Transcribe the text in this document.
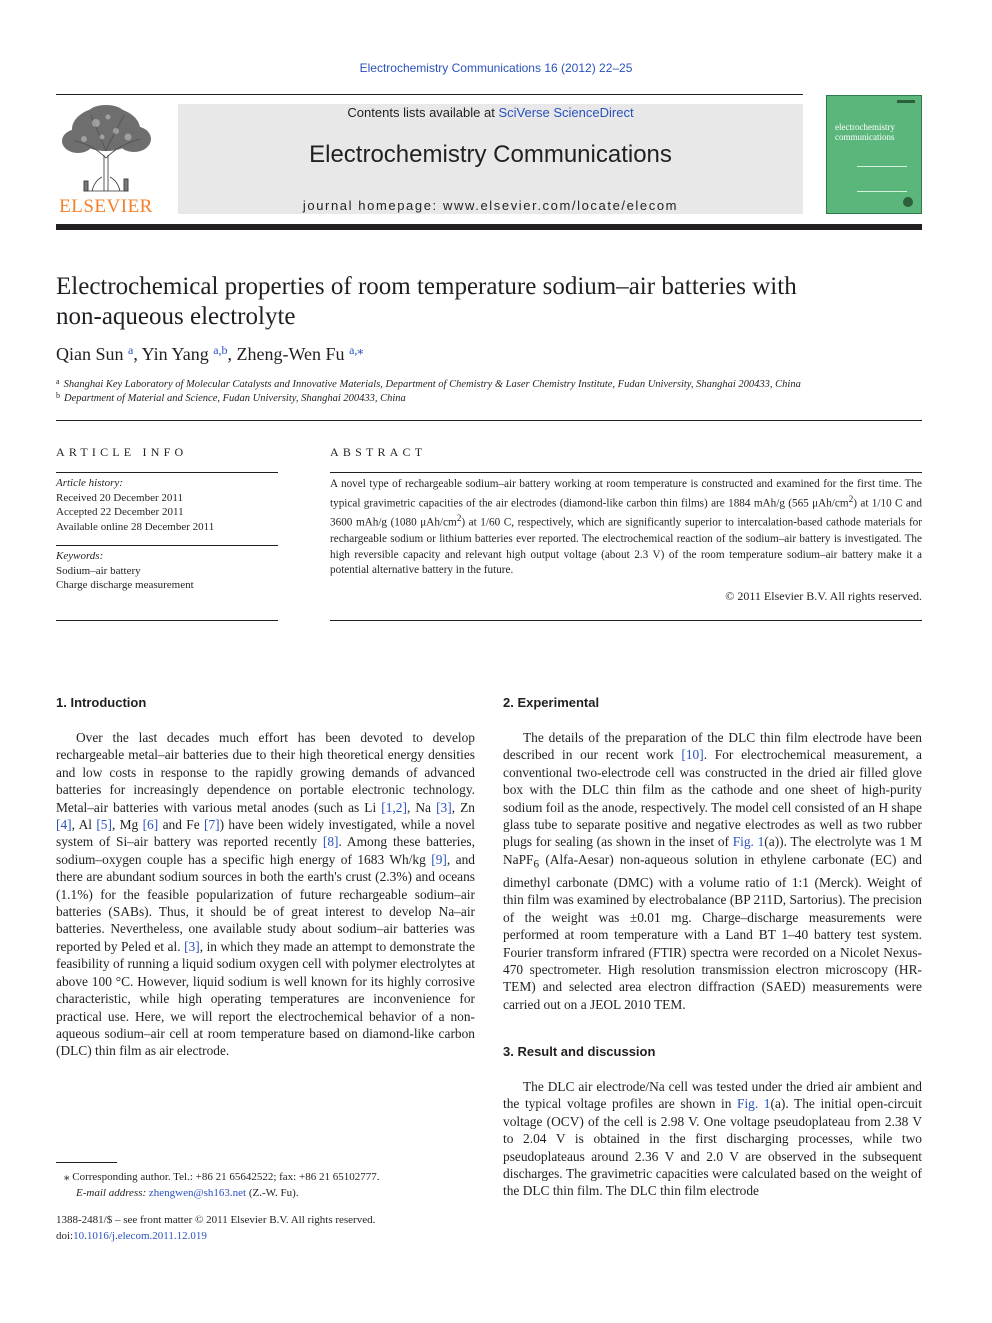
Electrochemistry Communications 16 (2012) 22–25
ELSEVIER
Contents lists available at SciVerse ScienceDirect
Electrochemistry Communications
journal homepage: www.elsevier.com/locate/elecom
electrochemistry communications
Electrochemical properties of room temperature sodium–air batteries with
non-aqueous electrolyte
Qian Sun $^a$, Yin Yang $^{a,b}$, Zheng-Wen Fu $^{a,⁎}$
$^a$ Shanghai Key Laboratory of Molecular Catalysts and Innovative Materials, Department of Chemistry & Laser Chemistry Institute, Fudan University, Shanghai 200433, China
$^b$ Department of Material and Science, Fudan University, Shanghai 200433, China
ARTICLE INFO	ABSTRACT
Article history:
Received 20 December 2011
Accepted 22 December 2011
Available online 28 December 2011
Keywords:
Sodium–air battery
Charge discharge measurement
A novel type of rechargeable sodium–air battery working at room temperature is constructed and examined for the first time. The typical gravimetric capacities of the air electrodes (diamond-like carbon thin films) are 1884 mAh/g (565 μAh/$cm^2$) at 1/10 C and 3600 mAh/g (1080 μAh/$cm^2$) at 1/60 C, respectively, which are significantly superior to intercalation-based cathode materials for rechargeable sodium or lithium batteries ever reported. The electrochemical reaction of the sodium–air battery is investigated. The high reversible capacity and relevant high output voltage (about 2.3 V) of the room temperature sodium–air battery make it a potential alternative battery in the future.
© 2011 Elsevier B.V. All rights reserved.
1. Introduction

Over the last decades much effort has been devoted to develop rechargeable metal–air batteries due to their high theoretical energy densities and low costs in response to the rapidly growing demands of advanced batteries for increasingly dependence on portable electronic technology. Metal–air batteries with various metal anodes (such as Li [1,2], Na [3], Zn [4], Al [5], Mg [6] and Fe [7]) have been widely investigated, while a novel system of Si–air battery was reported recently [8]. Among these batteries, sodium–oxygen couple has a specific high energy of 1683 Wh/kg [9], and there are abundant sodium sources in both the earth's crust (2.3%) and oceans (1.1%) for the feasible popularization of future rechargeable sodium–air batteries (SABs). Thus, it should be of great interest to develop Na–air batteries. Nevertheless, one available study about sodium–air batteries was reported by Peled et al. [3], in which they made an attempt to demonstrate the feasibility of running a liquid sodium oxygen cell with polymer electrolytes at above 100 °C. However, liquid sodium is well known for its highly corrosive characteristic, while high operating temperatures are inconvenience for practical use. Here, we will report the electrochemical behavior of a non-aqueous sodium–air cell at room temperature based on diamond-like carbon (DLC) thin film as air electrode.

2. Experimental

The details of the preparation of the DLC thin film electrode have been described in our recent work [10]. For electrochemical measurement, a conventional two-electrode cell was constructed in the dried air filled glove box with the DLC thin film as the cathode and one sheet of high-purity sodium foil as the anode, respectively. The model cell consisted of an H shape glass tube to separate positive and negative electrodes as well as two rubber plugs for sealing (as shown in the inset of Fig. 1(a)). The electrolyte was 1 M NaPF$_6$ (Alfa-Aesar) non-aqueous solution in ethylene carbonate (EC) and dimethyl carbonate (DMC) with a volume ratio of 1:1 (Merck). Weight of thin film was examined by electrobalance (BP 211D, Sartorius). The precision of the weight was ±0.01 mg. Charge–discharge measurements were performed at room temperature with a Land BT 1–40 battery test system. Fourier transform infrared (FTIR) spectra were recorded on a Nicolet Nexus-470 spectrometer. High resolution transmission electron microscopy (HR-TEM) and selected area electron diffraction (SAED) measurements were carried out on a JEOL 2010 TEM.

3. Result and discussion

The DLC air electrode/Na cell was tested under the dried air ambient and the typical voltage profiles are shown in Fig. 1(a). The initial open-circuit voltage (OCV) of the cell is 2.98 V. One voltage pseudoplateau from 2.38 V to 2.04 V is obtained in the first discharging processes, while two pseudoplateaus around 2.36 V and 2.0 V are observed in the subsequent discharges. The gravimetric capacities were calculated based on the weight of the DLC thin film. The DLC thin film electrode

⁎ Corresponding author. Tel.: +86 21 65642522; fax: +86 21 65102777.
E-mail address: zhengwen@sh163.net (Z.-W. Fu).
1388-2481/$ – see front matter © 2011 Elsevier B.V. All rights reserved.
doi:10.1016/j.elecom.2011.12.019
